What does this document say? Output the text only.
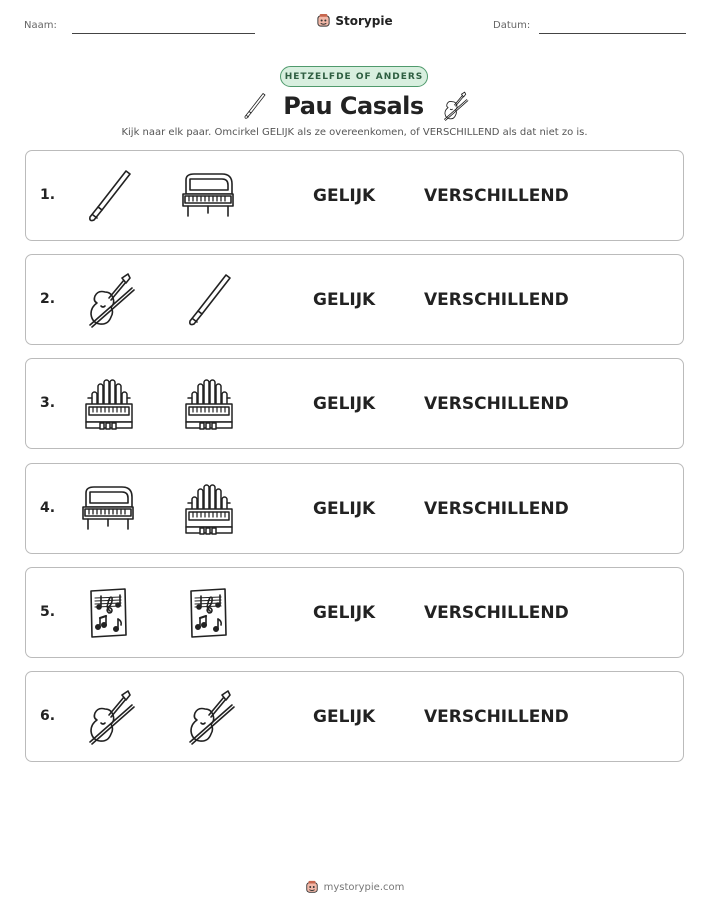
Naam:	Storypie	Datum:
HETZELFDE OF ANDERS
Pau Casals
Kijk naar elk paar. Omcirkel GELIJK als ze overeenkomen, of VERSCHILLEND als dat niet zo is.
1.	GELIJK	VERSCHILLEND
2.	GELIJK	VERSCHILLEND
3.	GELIJK	VERSCHILLEND
4.	GELIJK	VERSCHILLEND
5.	GELIJK	VERSCHILLEND
6.	GELIJK	VERSCHILLEND
mystorypie.com
